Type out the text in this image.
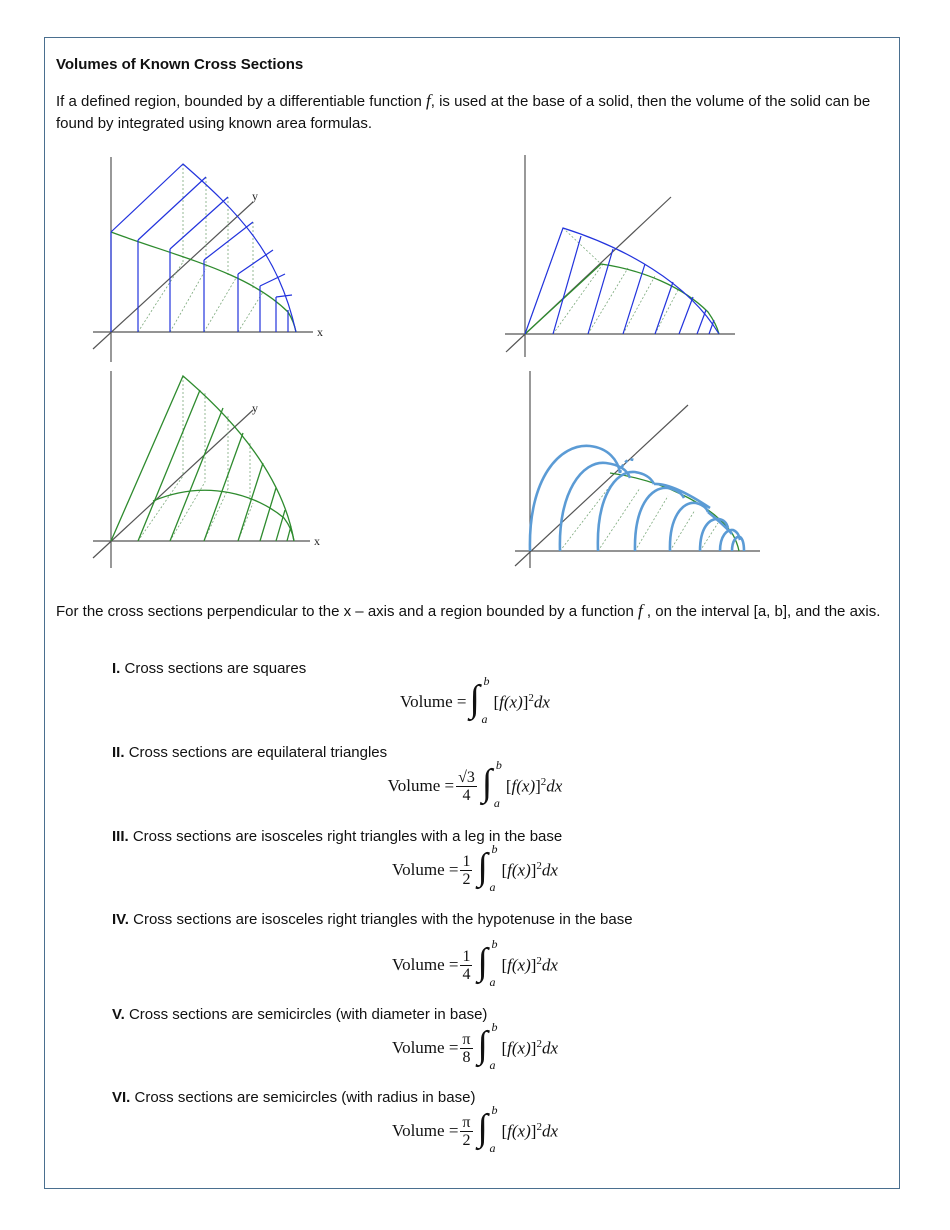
Volumes of Known Cross Sections
If a defined region, bounded by a differentiable function f, is used at the base of a solid, then the volume of the solid can be found by integrated using known area formulas.
x
y
x
y
For the cross sections perpendicular to the x – axis and a region bounded by a function f , on the interval [a, b], and the axis.
I. Cross sections are squares
Volume = ∫ b
a
$[f(x)]^2dx$
II. Cross sections are equilateral triangles
Volume = $\frac{√3}{4}$ ∫ b
a
$[f(x)]^2dx$
III. Cross sections are isosceles right triangles with a leg in the base
Volume = $\frac{1}{2}$ ∫ b
a
$[f(x)]^2dx$
IV. Cross sections are isosceles right triangles with the hypotenuse in the base
Volume = $\frac{1}{4}$ ∫ b
a
$[f(x)]^2dx$
V. Cross sections are semicircles (with diameter in base)
Volume = $\frac{\pi}{8}$ ∫ b
a
$[f(x)]^2dx$
VI. Cross sections are semicircles (with radius in base)
Volume = $\frac{\pi}{2}$ ∫ b
a
$[f(x)]^2dx$
